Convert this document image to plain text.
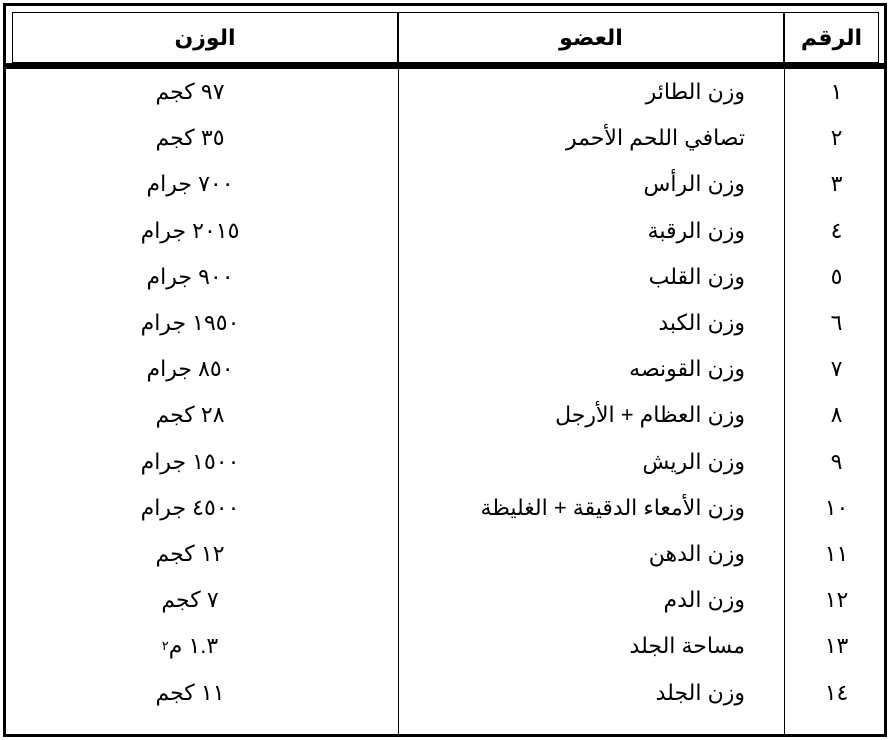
الوزن	العضو	الرقم
١
وزن الطائر
٩٧ كجم
٢
تصافي اللحم الأحمر
٣٥ كجم
٣
وزن الرأس
٧٠٠ جرام
٤
وزن الرقبة
٢٠١٥ جرام
٥
وزن القلب
٩٠٠ جرام
٦
وزن الكبد
١٩٥٠ جرام
٧
وزن القونصه
٨٥٠ جرام
٨
وزن العظام + الأرجل
٢٨ كجم
٩
وزن الريش
١٥٠٠ جرام
١٠
وزن الأمعاء الدقيقة + الغليظة
٤٥٠٠ جرام
١١
وزن الدهن
١٢ كجم
١٢
وزن الدم
٧ كجم
١٣
مساحة الجلد
١.٣ م
٢
١٤
وزن الجلد
١١ كجم
